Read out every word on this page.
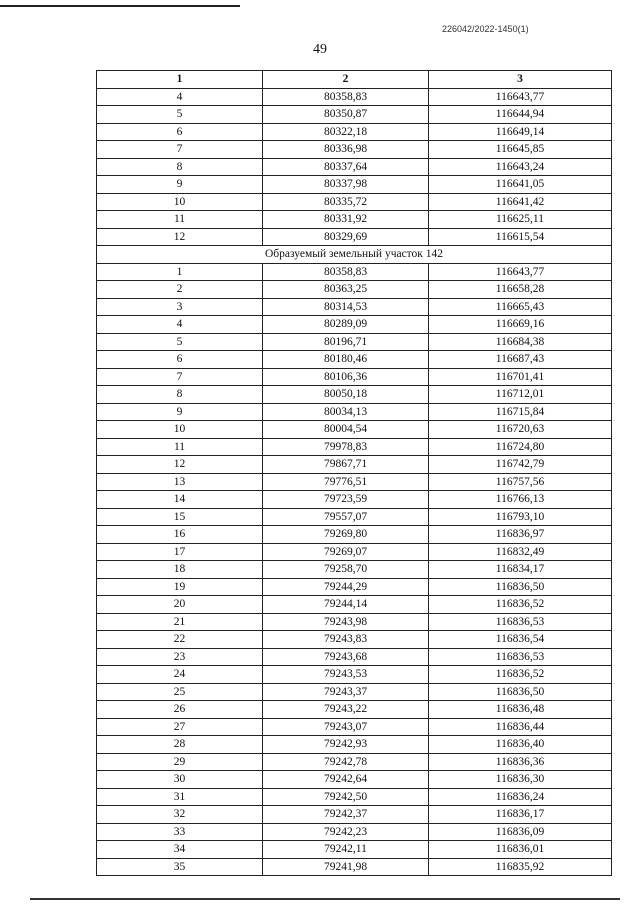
226042/2022-1450(1)
49
1	2	3
4	80358,83	116643,77
5	80350,87	116644,94
6	80322,18	116649,14
7	80336,98	116645,85
8	80337,64	116643,24
9	80337,98	116641,05
10	80335,72	116641,42
11	80331,92	116625,11
12	80329,69	116615,54
Образуемый земельный участок 142		
1	80358,83	116643,77
2	80363,25	116658,28
3	80314,53	116665,43
4	80289,09	116669,16
5	80196,71	116684,38
6	80180,46	116687,43
7	80106,36	116701,41
8	80050,18	116712,01
9	80034,13	116715,84
10	80004,54	116720,63
11	79978,83	116724,80
12	79867,71	116742,79
13	79776,51	116757,56
14	79723,59	116766,13
15	79557,07	116793,10
16	79269,80	116836,97
17	79269,07	116832,49
18	79258,70	116834,17
19	79244,29	116836,50
20	79244,14	116836,52
21	79243,98	116836,53
22	79243,83	116836,54
23	79243,68	116836,53
24	79243,53	116836,52
25	79243,37	116836,50
26	79243,22	116836,48
27	79243,07	116836,44
28	79242,93	116836,40
29	79242,78	116836,36
30	79242,64	116836,30
31	79242,50	116836,24
32	79242,37	116836,17
33	79242,23	116836,09
34	79242,11	116836,01
35	79241,98	116835,92
